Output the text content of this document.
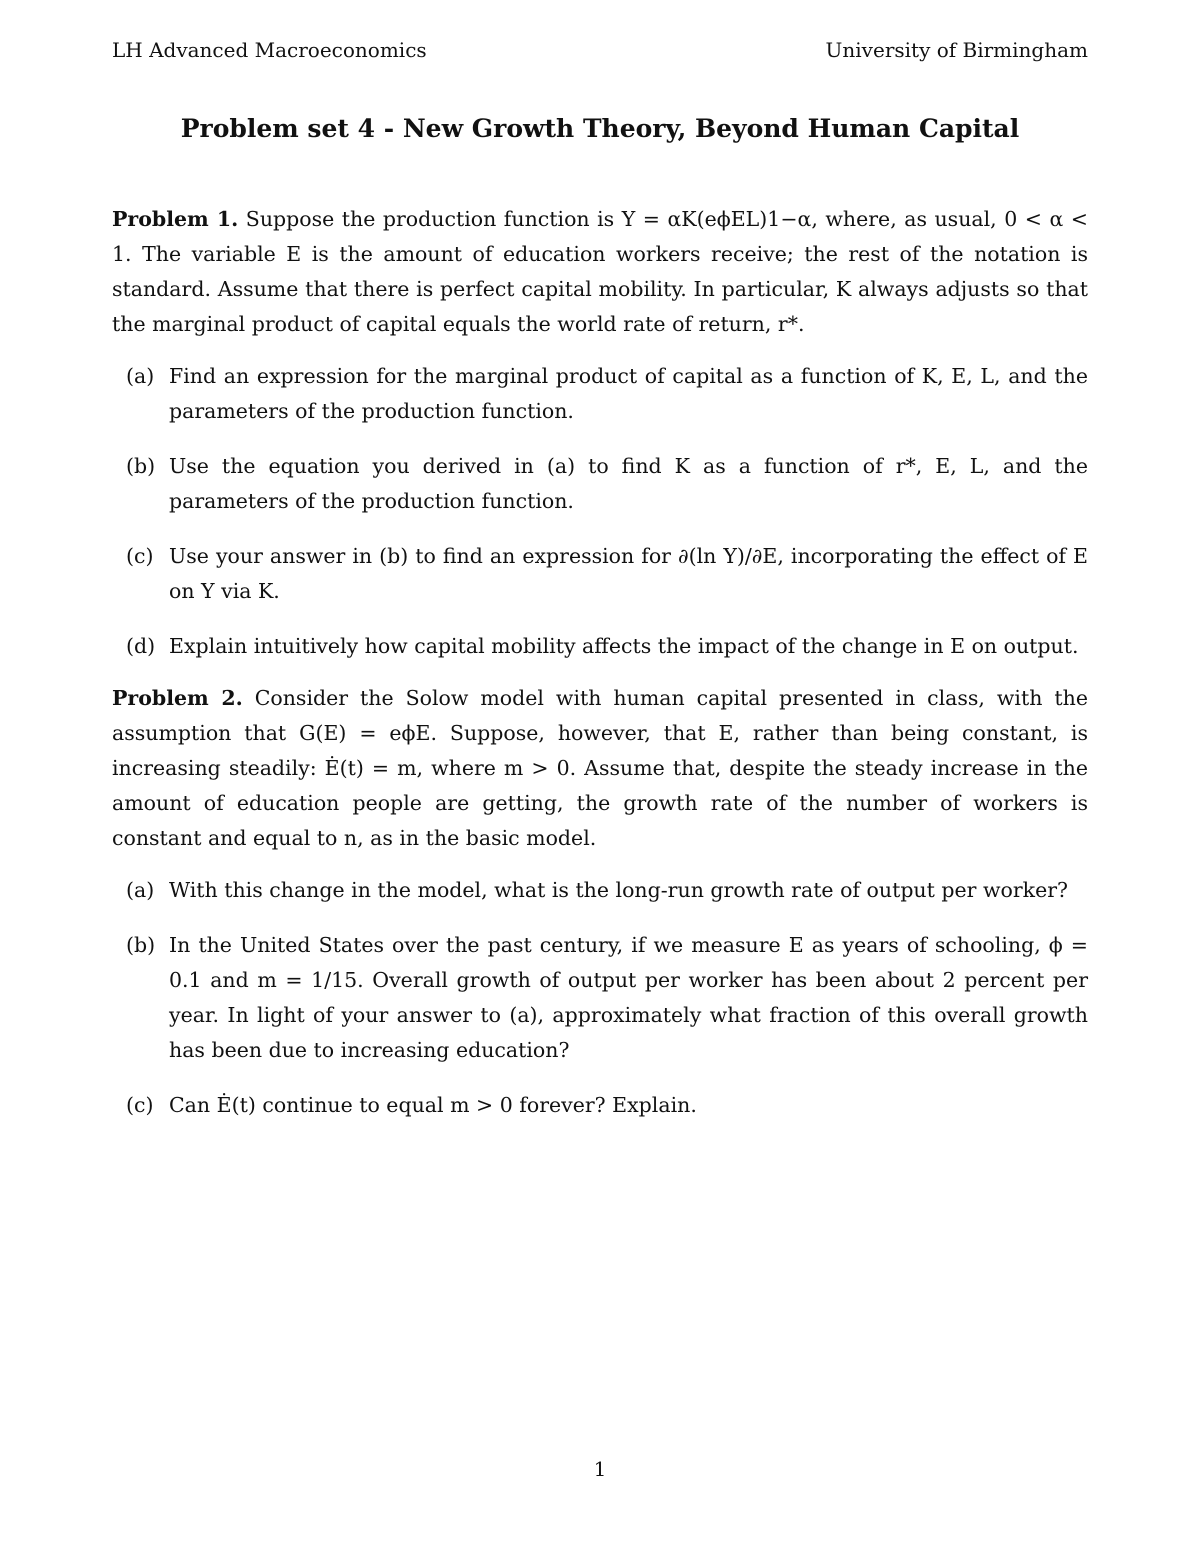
LH Advanced Macroeconomics	University of Birmingham
Problem set 4 - New Growth Theory, Beyond Human Capital

Problem 1. Suppose the production function is Y = αK(eϕEL)1−α, where, as usual, 0 < α < 1. The variable E is the amount of education workers receive; the rest of the notation is standard. Assume that there is perfect capital mobility. In particular, K always adjusts so that the marginal product of capital equals the world rate of return, r*.

(a) Find an expression for the marginal product of capital as a function of K, E, L, and the parameters of the production function.
(b) Use the equation you derived in (a) to find K as a function of r*, E, L, and the parameters of the production function.
(c) Use your answer in (b) to find an expression for ∂(ln Y)/∂E, incorporating the effect of E on Y via K.
(d) Explain intuitively how capital mobility affects the impact of the change in E on output.

Problem 2. Consider the Solow model with human capital presented in class, with the assumption that G(E) = eϕE. Suppose, however, that E, rather than being constant, is increasing steadily: Ė(t) = m, where m > 0. Assume that, despite the steady increase in the amount of education people are getting, the growth rate of the number of workers is constant and equal to n, as in the basic model.

(a) With this change in the model, what is the long-run growth rate of output per worker?
(b) In the United States over the past century, if we measure E as years of schooling, ϕ = 0.1 and m = 1/15. Overall growth of output per worker has been about 2 percent per year. In light of your answer to (a), approximately what fraction of this overall growth has been due to increasing education?
(c) Can Ė(t) continue to equal m > 0 forever? Explain.
1
